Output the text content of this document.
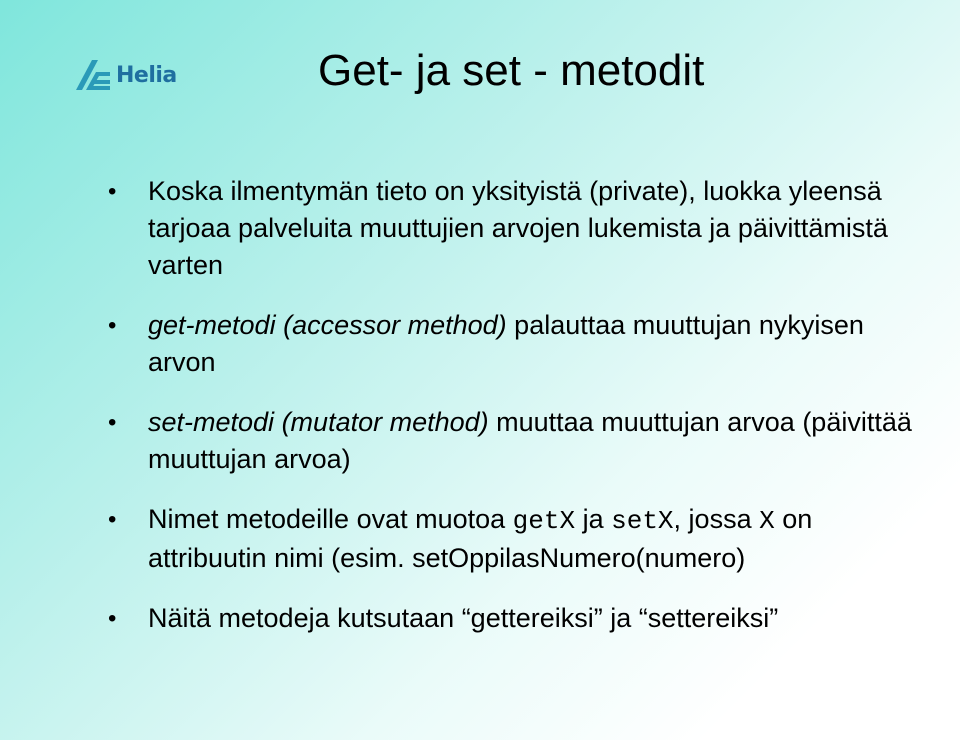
Helia	Get- ja set - metodit
• Koska ilmentymän tieto on yksityistä (private), luokka yleensä tarjoaa palveluita muuttujien arvojen lukemista ja päivittämistä varten
• get-metodi (accessor method) palauttaa muuttujan nykyisen arvon
• set-metodi (mutator method) muuttaa muuttujan arvoa (päivittää muuttujan arvoa)
• Nimet metodeille ovat muotoa getX ja setX, jossa X on attribuutin nimi (esim. setOppilasNumero(numero)
• Näitä metodeja kutsutaan “gettereiksi” ja “settereiksi”
